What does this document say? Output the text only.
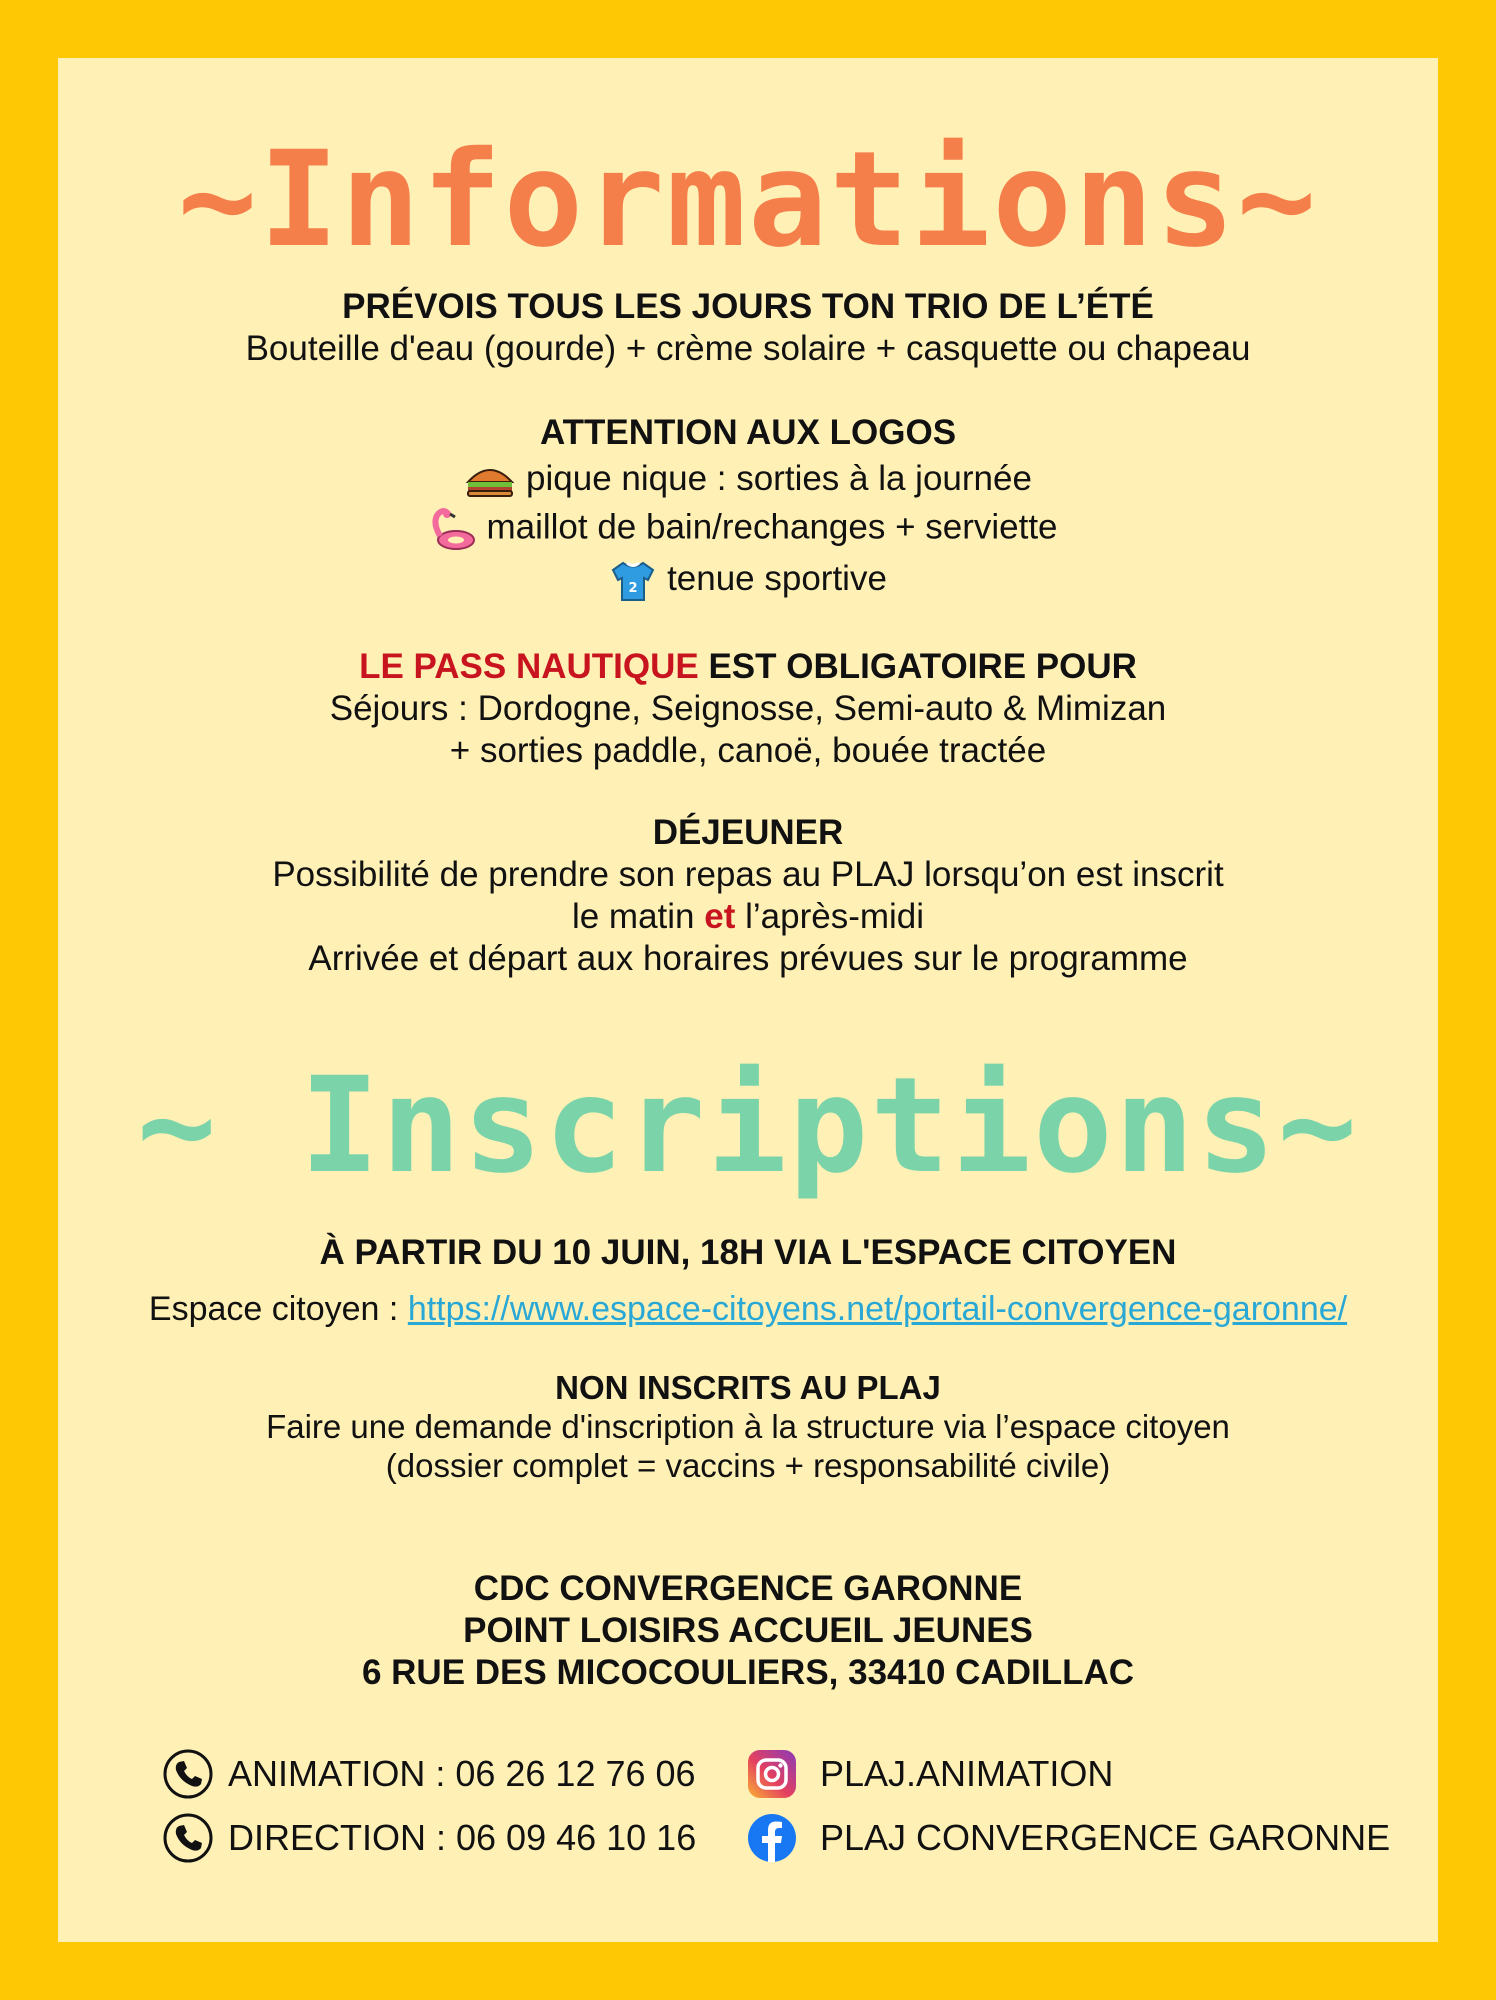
~Informations~
PRÉVOIS TOUS LES JOURS TON TRIO DE L’ÉTÉ
Bouteille d'eau (gourde) + crème solaire + casquette ou chapeau
ATTENTION AUX LOGOS
pique nique : sorties à la journée
maillot de bain/rechanges + serviette
2 tenue sportive
LE PASS NAUTIQUE EST OBLIGATOIRE POUR
Séjours : Dordogne, Seignosse, Semi-auto & Mimizan
+ sorties paddle, canoë, bouée tractée
DÉJEUNER
Possibilité de prendre son repas au PLAJ lorsqu’on est inscrit
le matin et l’après-midi
Arrivée et départ aux horaires prévues sur le programme
~ Inscriptions~
À PARTIR DU 10 JUIN, 18H VIA L'ESPACE CITOYEN
Espace citoyen : https://www.espace-citoyens.net/portail-convergence-garonne/
NON INSCRITS AU PLAJ
Faire une demande d'inscription à la structure via l’espace citoyen
(dossier complet = vaccins + responsabilité civile)
CDC CONVERGENCE GARONNE
POINT LOISIRS ACCUEIL JEUNES
6 RUE DES MICOCOULIERS, 33410 CADILLAC
ANIMATION : 06 26 12 76 06
DIRECTION : 06 09 46 10 16
PLAJ.ANIMATION
PLAJ CONVERGENCE GARONNE
